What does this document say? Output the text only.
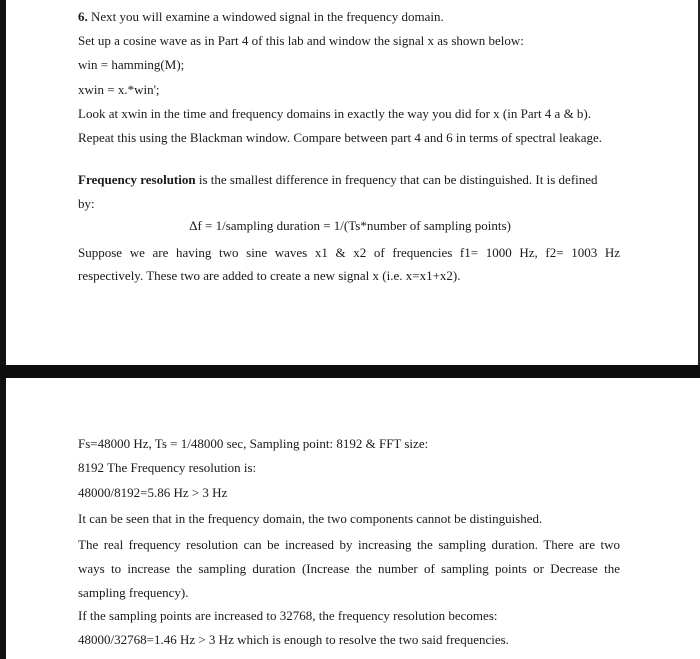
6. Next you will examine a windowed signal in the frequency domain.
Set up a cosine wave as in Part 4 of this lab and window the signal x as shown below:
win = hamming(M);
xwin = x.*win';
Look at xwin in the time and frequency domains in exactly the way you did for x (in Part 4 a & b).
Repeat this using the Blackman window. Compare between part 4 and 6 in terms of spectral leakage.
Frequency resolution is the smallest difference in frequency that can be distinguished. It is defined
by:
Δf = 1/sampling duration = 1/(Ts*number of sampling points)
Suppose we are having two sine waves x1 & x2 of frequencies f1= 1000 Hz, f2= 1003 Hz
respectively. These two are added to create a new signal x (i.e. x=x1+x2).
Fs=48000 Hz, Ts = 1/48000 sec, Sampling point: 8192 & FFT size:
8192 The Frequency resolution is:
48000/8192=5.86 Hz > 3 Hz
It can be seen that in the frequency domain, the two components cannot be distinguished.
The real frequency resolution can be increased by increasing the sampling duration. There are two
ways to increase the sampling duration (Increase the number of sampling points or Decrease the
sampling frequency).
If the sampling points are increased to 32768, the frequency resolution becomes:
48000/32768=1.46 Hz > 3 Hz which is enough to resolve the two said frequencies.
